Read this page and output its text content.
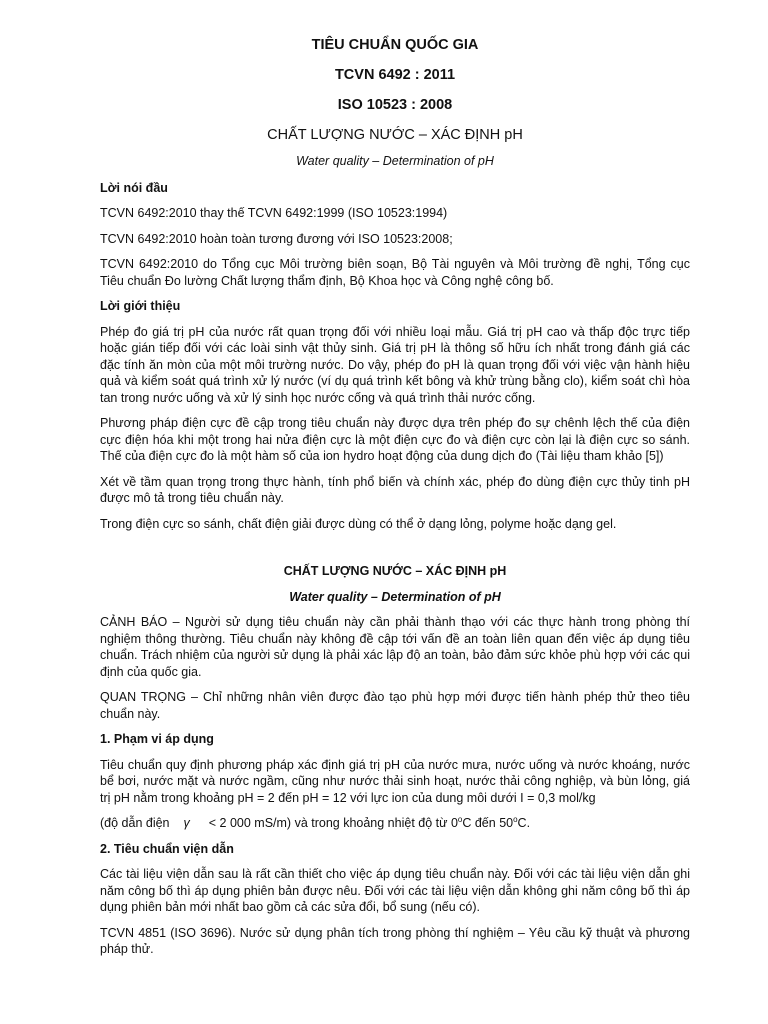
TIÊU CHUẨN QUỐC GIA
TCVN 6492 : 2011
ISO 10523 : 2008
CHẤT LƯỢNG NƯỚC – XÁC ĐỊNH pH
Water quality – Determination of pH
Lời nói đầu

TCVN 6492:2010 thay thế TCVN 6492:1999 (ISO 10523:1994)

TCVN 6492:2010 hoàn toàn tương đương với ISO 10523:2008;

TCVN 6492:2010 do Tổng cục Môi trường biên soạn, Bộ Tài nguyên và Môi trường đề nghị, Tổng cục Tiêu chuẩn Đo lường Chất lượng thẩm định, Bộ Khoa học và Công nghệ công bố.

Lời giới thiệu

Phép đo giá trị pH của nước rất quan trọng đối với nhiều loại mẫu. Giá trị pH cao và thấp độc trực tiếp hoặc gián tiếp đối với các loài sinh vật thủy sinh. Giá trị pH là thông số hữu ích nhất trong đánh giá các đặc tính ăn mòn của một môi trường nước. Do vậy, phép đo pH là quan trọng đối với việc vận hành hiệu quả và kiểm soát quá trình xử lý nước (ví dụ quá trình kết bông và khử trùng bằng clo), kiểm soát chì hòa tan trong nước uống và xử lý sinh học nước cống và quá trình thải nước cống.

Phương pháp điện cực đề cập trong tiêu chuẩn này được dựa trên phép đo sự chênh lệch thế của điện cực điện hóa khi một trong hai nửa điện cực là một điện cực đo và điện cực còn lại là điện cực so sánh. Thế của điện cực đo là một hàm số của ion hydro hoạt động của dung dịch đo (Tài liệu tham khảo [5])

Xét về tầm quan trọng trong thực hành, tính phổ biến và chính xác, phép đo dùng điện cực thủy tinh pH được mô tả trong tiêu chuẩn này.

Trong điện cực so sánh, chất điện giải được dùng có thể ở dạng lỏng, polyme hoặc dạng gel.

CHẤT LƯỢNG NƯỚC – XÁC ĐỊNH pH
Water quality – Determination of pH

CẢNH BÁO – Người sử dụng tiêu chuẩn này cần phải thành thạo với các thực hành trong phòng thí nghiệm thông thường. Tiêu chuẩn này không đề cập tới vấn đề an toàn liên quan đến việc áp dụng tiêu chuẩn. Trách nhiệm của người sử dụng là phải xác lập độ an toàn, bảo đảm sức khỏe phù hợp với các qui định của quốc gia.

QUAN TRỌNG – Chỉ những nhân viên được đào tạo phù hợp mới được tiến hành phép thử theo tiêu chuẩn này.

1. Phạm vi áp dụng

Tiêu chuẩn quy định phương pháp xác định giá trị pH của nước mưa, nước uống và nước khoáng, nước bể bơi, nước mặt và nước ngầm, cũng như nước thải sinh hoạt, nước thải công nghiệp, và bùn lỏng, giá trị pH nằm trong khoảng pH = 2 đến pH = 12 với lực ion của dung môi dưới I = 0,3 mol/kg

(độ dẫn điện γ < 2 000 mS/m) và trong khoảng nhiệt độ từ 0$^o$C đến 50$^o$C.

2. Tiêu chuẩn viện dẫn

Các tài liệu viện dẫn sau là rất cần thiết cho việc áp dụng tiêu chuẩn này. Đối với các tài liệu viện dẫn ghi năm công bố thì áp dụng phiên bản được nêu. Đối với các tài liệu viện dẫn không ghi năm công bố thì áp dụng phiên bản mới nhất bao gồm cả các sửa đổi, bổ sung (nếu có).

TCVN 4851 (ISO 3696). Nước sử dụng phân tích trong phòng thí nghiệm – Yêu cầu kỹ thuật và phương pháp thử.
